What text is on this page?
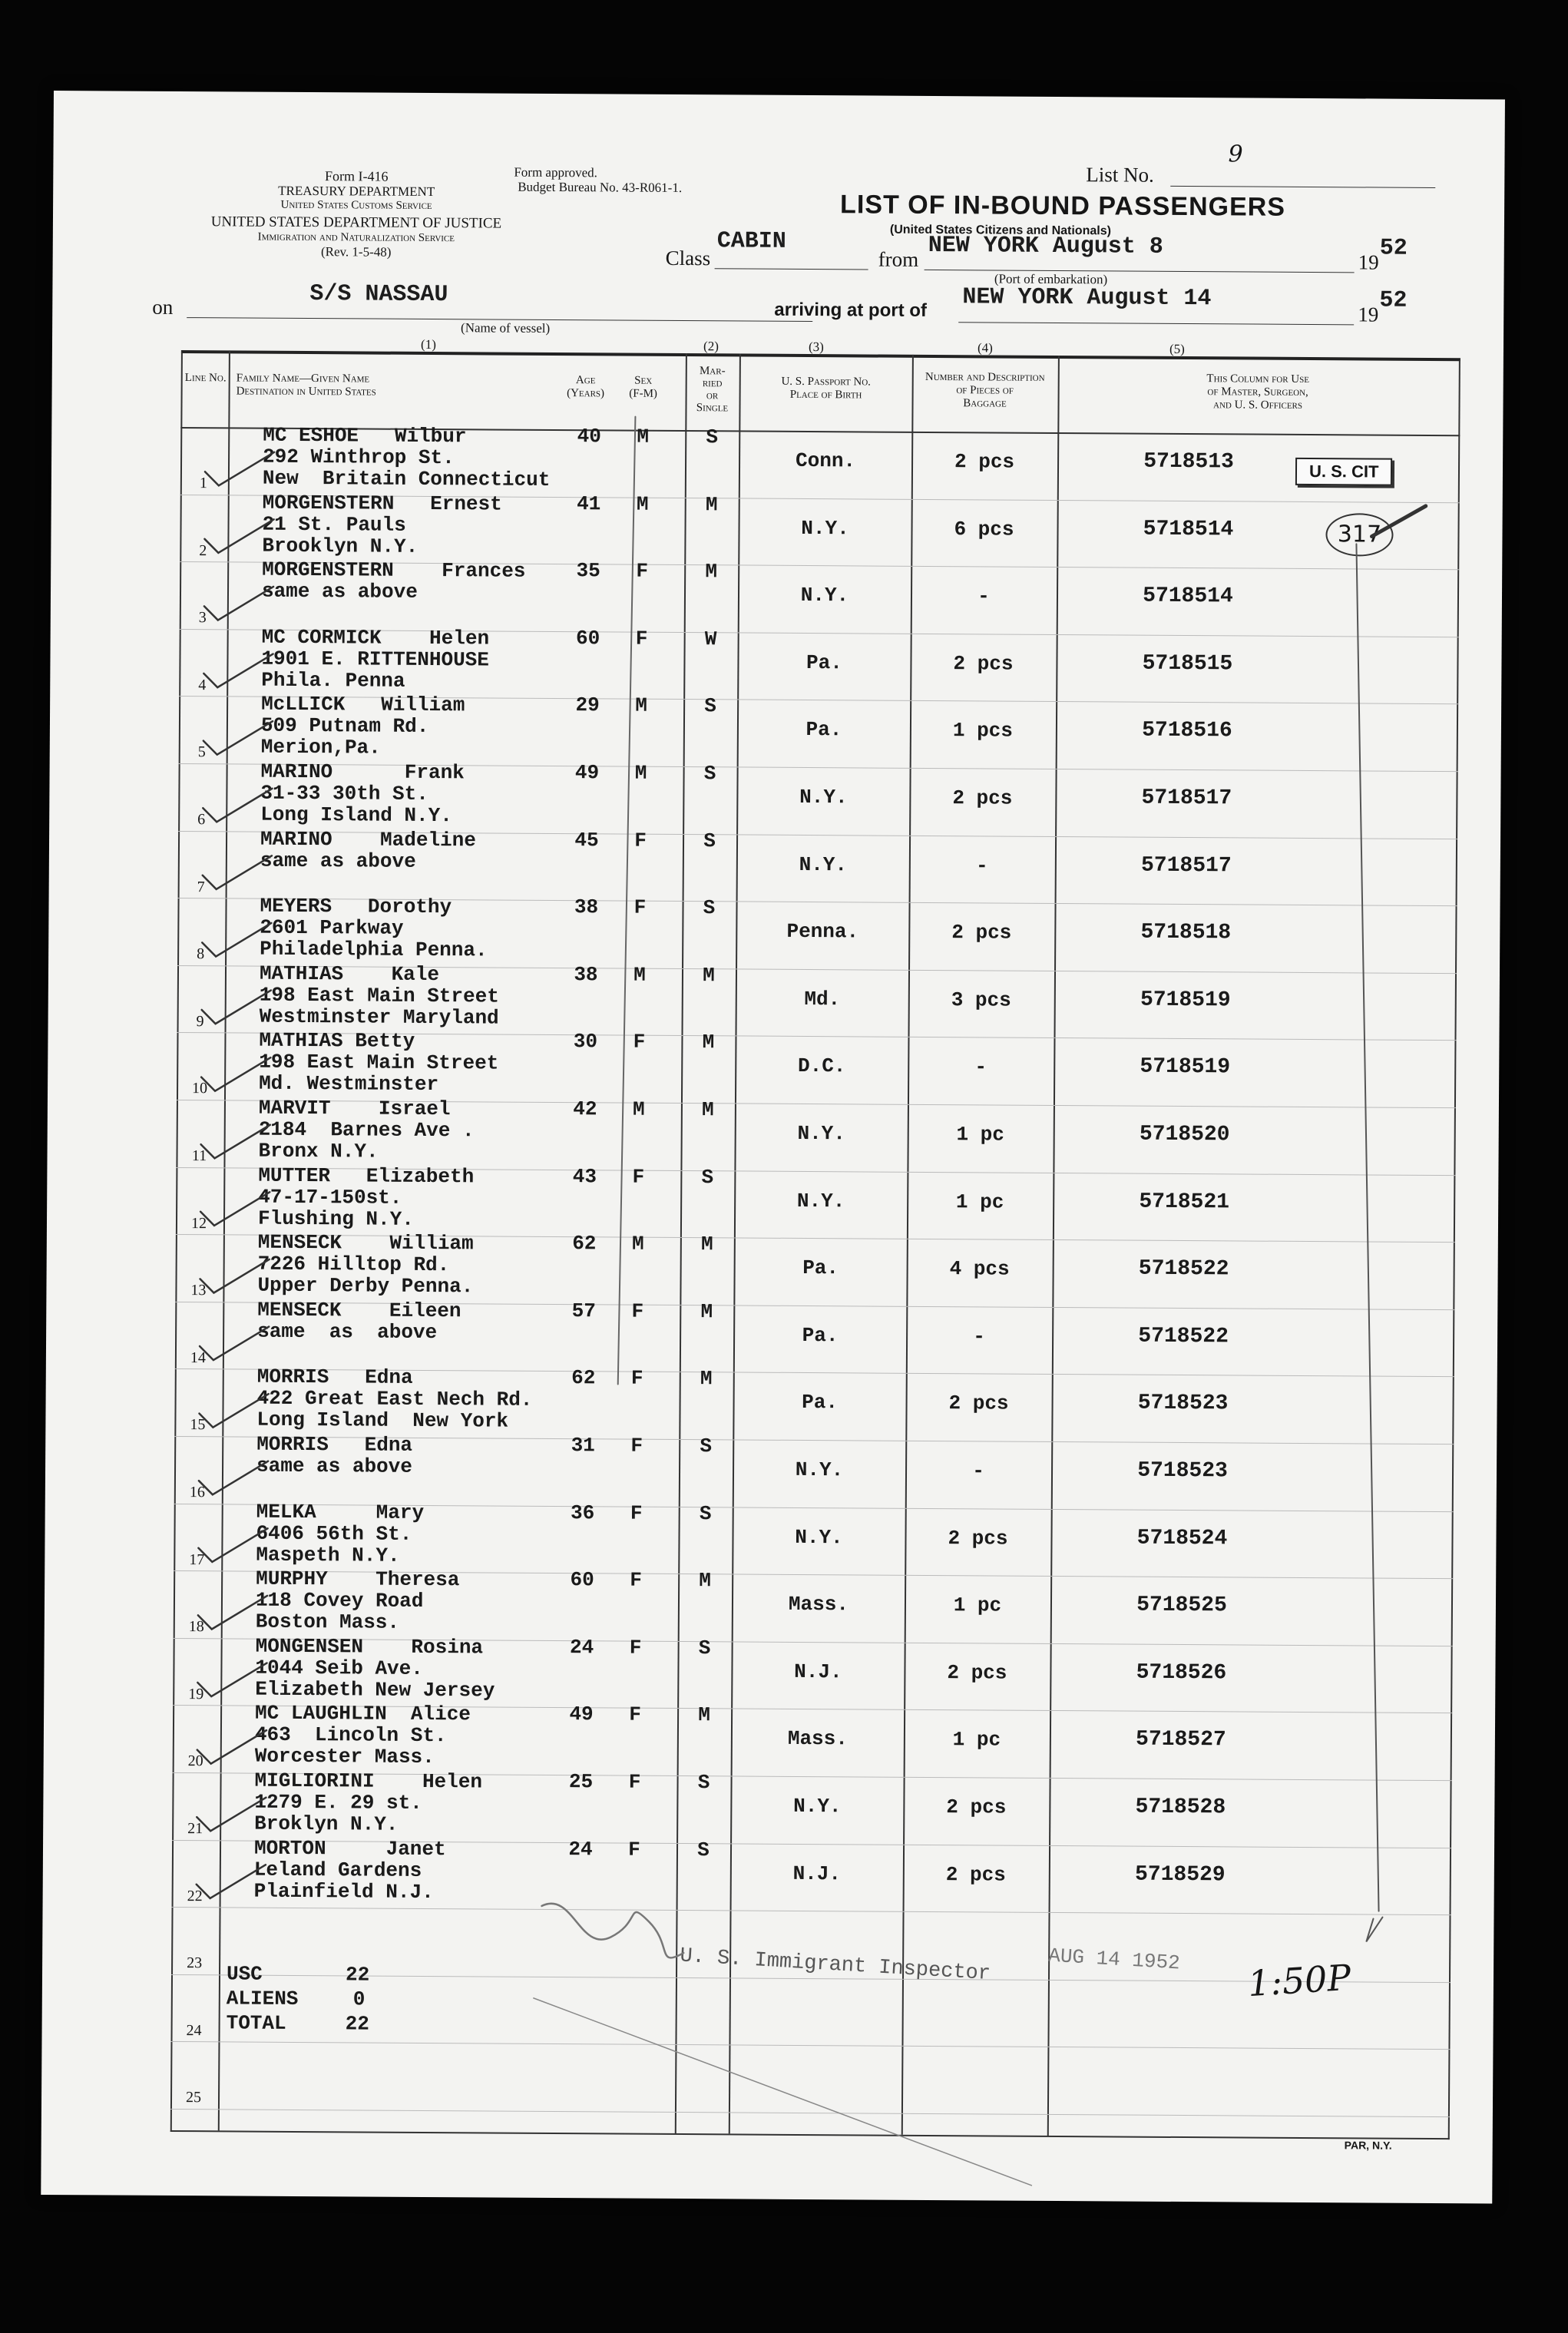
Form I-416
TREASURY DEPARTMENT
United States Customs Service
UNITED STATES DEPARTMENT OF JUSTICE
Immigration and Naturalization Service
(Rev. 1-5-48)
Form approved.
Budget Bureau No. 43-R061-1.
List No.
9
LIST OF IN-BOUND PASSENGERS
(United States Citizens and Nationals)
Class
CABIN
from NEW YORK August 8
19
52
(Port of embarkation)
on	S/S NASSAU
(Name of vessel)
arriving at port of NEW YORK August 14
19
52
(1)	(2)	(3)	(4)	(5)
Line No. Family Name—Given Name
Destination in United States
Age
(Years)
Sex
(F-M)
Mar-
ried
or
Single
U. S. Passport No.
Place of Birth
Number and Description
of Pieces of
Baggage
This Column for Use
of Master, Surgeon,
and U. S. Officers
1
MC ESHOE   Wilbur
292 Winthrop St.
New  Britain Connecticut
40	M	S
Conn.	2 pcs	5718513
2
MORGENSTERN   Ernest
21 St. Pauls
Brooklyn N.Y.
41	M	M
N.Y.	6 pcs	5718514
3
MORGENSTERN    Frances
same as above
35	F	M
N.Y.	-	5718514
4
MC CORMICK    Helen
1901 E. RITTENHOUSE
Phila. Penna
60	F	W
Pa.	2 pcs	5718515
5
McLLICK   William
509 Putnam Rd.
Merion,Pa.
29	M	S
Pa.	1 pcs	5718516
6
MARINO      Frank
31-33 30th St.
Long Island N.Y.
49	M	S
N.Y.	2 pcs	5718517
7
MARINO    Madeline
same as above
45	F	S
N.Y.	-	5718517
8
MEYERS   Dorothy
2601 Parkway
Philadelphia Penna.
38	F	S
Penna.	2 pcs	5718518
9
MATHIAS    Kale
198 East Main Street
Westminster Maryland
38	M	M
Md.	3 pcs	5718519
10
MATHIAS Betty
198 East Main Street
Md. Westminster
30	F	M
D.C.	-	5718519
11
MARVIT    Israel
2184  Barnes Ave .
Bronx N.Y.
42	M	M
N.Y.	1 pc	5718520
12
MUTTER   Elizabeth
47-17-150st.
Flushing N.Y.
43	F	S
N.Y.	1 pc	5718521
13
MENSECK    William
7226 Hilltop Rd.
Upper Derby Penna.
62	M	M
Pa.	4 pcs	5718522
14
MENSECK    Eileen
same  as  above
57	F	M
Pa.	-	5718522
15
MORRIS   Edna
422 Great East Nech Rd.
Long Island  New York
62	F	M
Pa.	2 pcs	5718523
16
MORRIS   Edna
same as above
31	F	S
N.Y.	-	5718523
17
MELKA     Mary
6406 56th St.
Maspeth N.Y.
36	F	S
N.Y.	2 pcs	5718524
18
MURPHY    Theresa
118 Covey Road
Boston Mass.
60	F	M
Mass.	1 pc	5718525
19
MONGENSEN    Rosina
1044 Seib Ave.
Elizabeth New Jersey
24	F	S
N.J.	2 pcs	5718526
20
MC LAUGHLIN  Alice
463  Lincoln St.
Worcester Mass.
49	F	M
Mass.	1 pc	5718527
21
MIGLIORINI    Helen
1279 E. 29 st.
Broklyn N.Y.
25	F	S
N.Y.	2 pcs	5718528
22
MORTON     Janet
Leland Gardens
Plainfield N.J.
24	F	S
N.J.	2 pcs	5718529
23
24
25
USC	22
ALIENS	0
TOTAL	22
U. S. CIT
317
U. S. Immigrant Inspector	AUG 14 1952 1:50P
PAR, N.Y.
